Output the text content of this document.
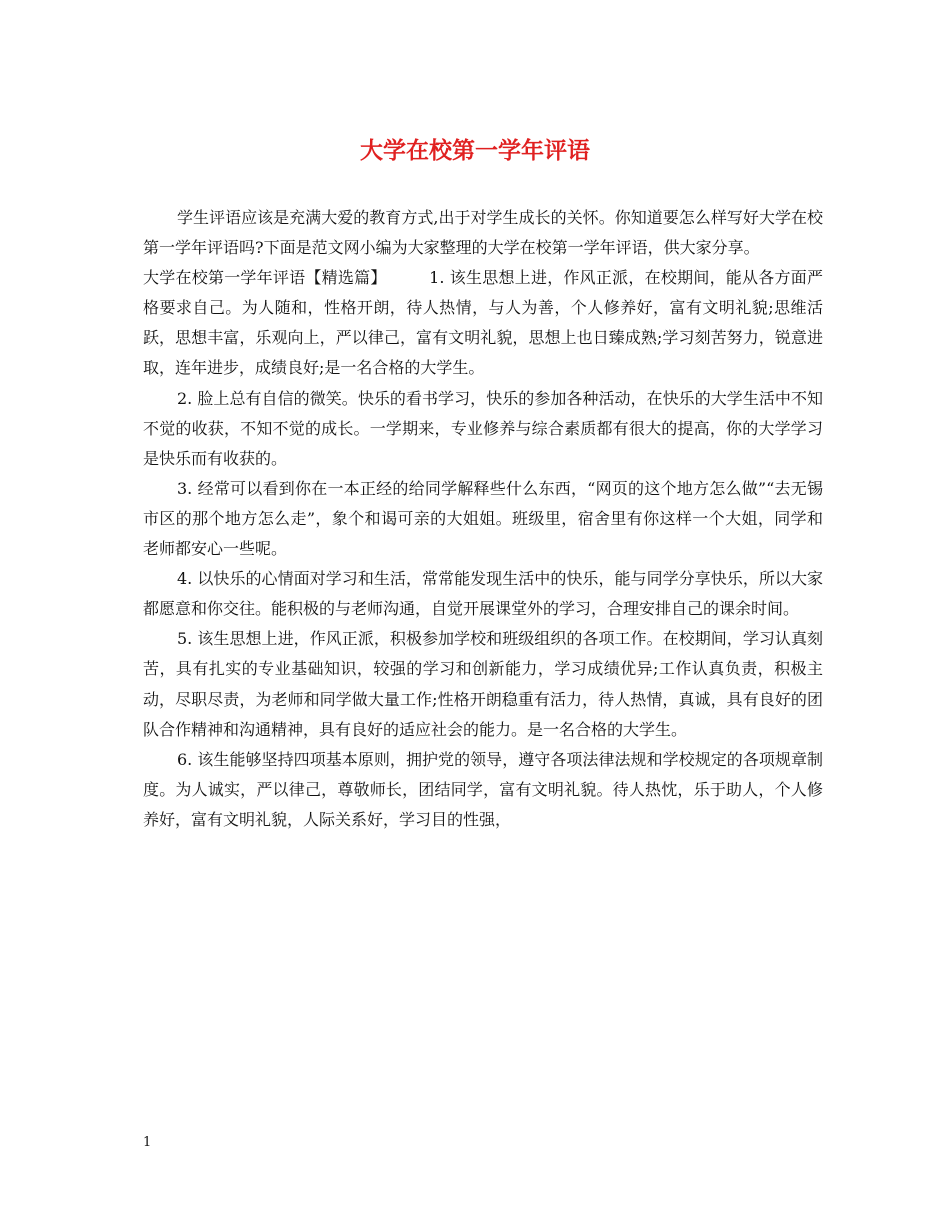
大学在校第一学年评语

学生评语应该是充满大爱的教育方式,出于对学生成长的关怀。你知道要怎么样写好大学在校第一学年评语吗?下面是范文网小编为大家整理的大学在校第一学年评语，供大家分享。

大学在校第一学年评语【精选篇】	1. 该生思想上进，作风正派，在校期间，能从各方面严格要求自己。为人随和，性格开朗，待人热情，与人为善，个人修养好，富有文明礼貌;思维活跃，思想丰富，乐观向上，严以律己，富有文明礼貌，思想上也日臻成熟;学习刻苦努力，锐意进取，连年进步，成绩良好;是一名合格的大学生。

2. 脸上总有自信的微笑。快乐的看书学习，快乐的参加各种活动，在快乐的大学生活中不知不觉的收获，不知不觉的成长。一学期来，专业修养与综合素质都有很大的提高，你的大学学习是快乐而有收获的。

3. 经常可以看到你在一本正经的给同学解释些什么东西，“网页的这个地方怎么做”“去无锡市区的那个地方怎么走”，象个和谒可亲的大姐姐。班级里，宿舍里有你这样一个大姐，同学和老师都安心一些呢。

4. 以快乐的心情面对学习和生活，常常能发现生活中的快乐，能与同学分享快乐，所以大家都愿意和你交往。能积极的与老师沟通，自觉开展课堂外的学习，合理安排自己的课余时间。

5. 该生思想上进，作风正派，积极参加学校和班级组织的各项工作。在校期间，学习认真刻苦，具有扎实的专业基础知识，较强的学习和创新能力，学习成绩优异;工作认真负责，积极主动，尽职尽责，为老师和同学做大量工作;性格开朗稳重有活力，待人热情，真诚，具有良好的团队合作精神和沟通精神，具有良好的适应社会的能力。是一名合格的大学生。

6. 该生能够坚持四项基本原则，拥护党的领导，遵守各项法律法规和学校规定的各项规章制度。为人诚实，严以律己，尊敬师长，团结同学，富有文明礼貌。待人热忱，乐于助人，个人修养好，富有文明礼貌，人际关系好，学习目的性强，

1
